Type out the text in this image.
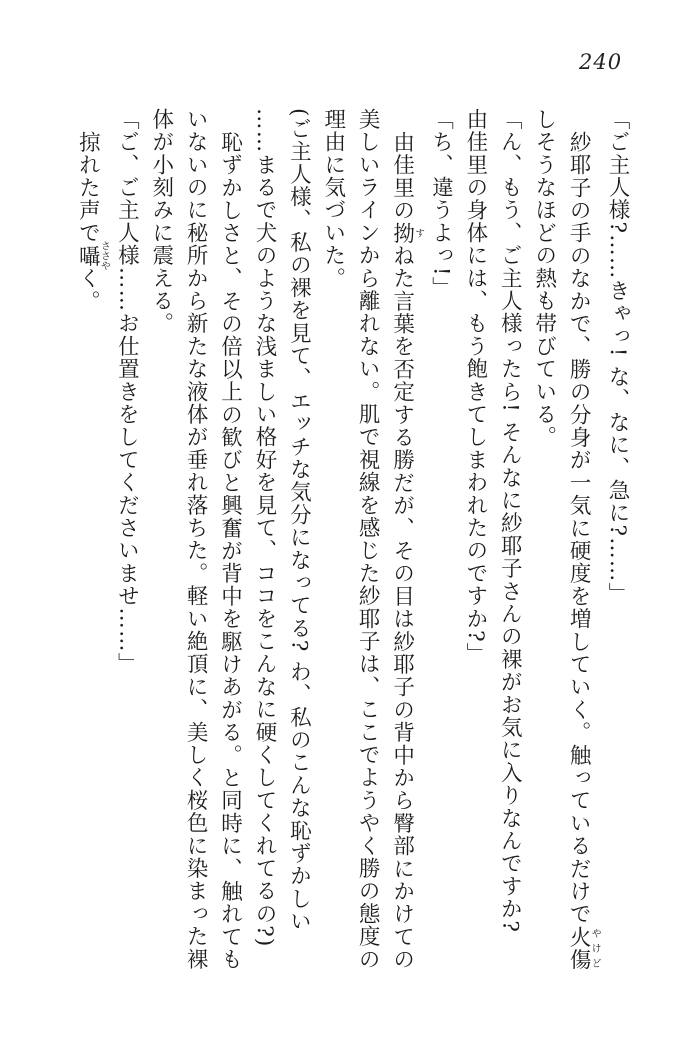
240
「ご主人様?……きゃっ! な、なに、急に?……」
紗耶子の手のなかで、勝の分身が一気に硬度を増していく。触っているだけで火傷やけど
しそうなほどの熱も帯びている。
「ん、もう、ご主人様ったら! そんなに紗耶子さんの裸がお気に入りなんですか?
由佳里の身体には、もう飽きてしまわれたのですか?」
「ち、違うよっ!」
由佳里の拗すねた言葉を否定する勝だが、その目は紗耶子の背中から臀部にかけての
美しいラインから離れない。肌で視線を感じた紗耶子は、ここでようやく勝の態度の
理由に気づいた。
(ご主人様、私の裸を見て、エッチな気分になってる? わ、私のこんな恥ずかしい
……まるで犬のような浅ましい格好を見て、ココをこんなに硬くしてくれてるの?)
恥ずかしさと、その倍以上の歓びと興奮が背中を駆けあがる。と同時に、触れても
いないのに秘所から新たな液体が垂れ落ちた。軽い絶頂に、美しく桜色に染まった裸
体が小刻みに震える。
「ご、ご主人様……お仕置きをしてくださいませ……」
掠れた声で囁ささやく。
